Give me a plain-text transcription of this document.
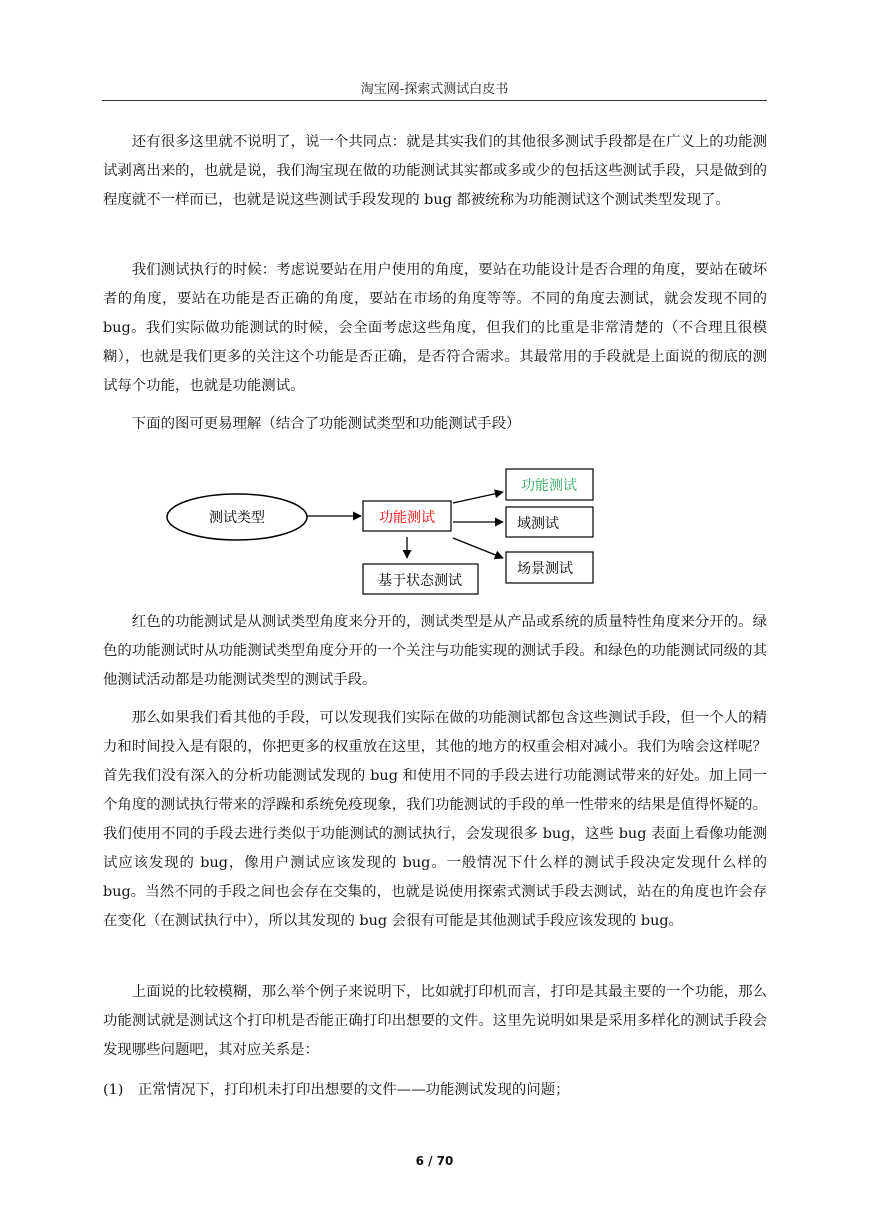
淘宝网-探索式测试白皮书

还有很多这里就不说明了，说一个共同点：就是其实我们的其他很多测试手段都是在广义上的功能测试剥离出来的，也就是说，我们淘宝现在做的功能测试其实都或多或少的包括这些测试手段，只是做到的程度就不一样而已，也就是说这些测试手段发现的 bug 都被统称为功能测试这个测试类型发现了。

我们测试执行的时候：考虑说要站在用户使用的角度，要站在功能设计是否合理的角度，要站在破坏者的角度，要站在功能是否正确的角度，要站在市场的角度等等。不同的角度去测试，就会发现不同的 bug。我们实际做功能测试的时候，会全面考虑这些角度，但我们的比重是非常清楚的（不合理且很模糊），也就是我们更多的关注这个功能是否正确，是否符合需求。其最常用的手段就是上面说的彻底的测试每个功能，也就是功能测试。

下面的图可更易理解（结合了功能测试类型和功能测试手段）

测试类型	功能测试
功能测试
域测试
场景测试
基于状态测试

红色的功能测试是从测试类型角度来分开的，测试类型是从产品或系统的质量特性角度来分开的。绿色的功能测试时从功能测试类型角度分开的一个关注与功能实现的测试手段。和绿色的功能测试同级的其他测试活动都是功能测试类型的测试手段。

那么如果我们看其他的手段，可以发现我们实际在做的功能测试都包含这些测试手段，但一个人的精力和时间投入是有限的，你把更多的权重放在这里，其他的地方的权重会相对减小。我们为啥会这样呢？　首先我们没有深入的分析功能测试发现的 bug 和使用不同的手段去进行功能测试带来的好处。加上同一个角度的测试执行带来的浮躁和系统免疫现象，我们功能测试的手段的单一性带来的结果是值得怀疑的。我们使用不同的手段去进行类似于功能测试的测试执行，会发现很多 bug，这些 bug 表面上看像功能测试应该发现的 bug，像用户测试应该发现的 bug。一般情况下什么样的测试手段决定发现什么样的 bug。当然不同的手段之间也会存在交集的，也就是说使用探索式测试手段去测试，站在的角度也许会存在变化（在测试执行中），所以其发现的 bug 会很有可能是其他测试手段应该发现的 bug。

上面说的比较模糊，那么举个例子来说明下，比如就打印机而言，打印是其最主要的一个功能，那么功能测试就是测试这个打印机是否能正确打印出想要的文件。这里先说明如果是采用多样化的测试手段会发现哪些问题吧，其对应关系是：

(1)　正常情况下，打印机未打印出想要的文件——功能测试发现的问题；

6 / 70
